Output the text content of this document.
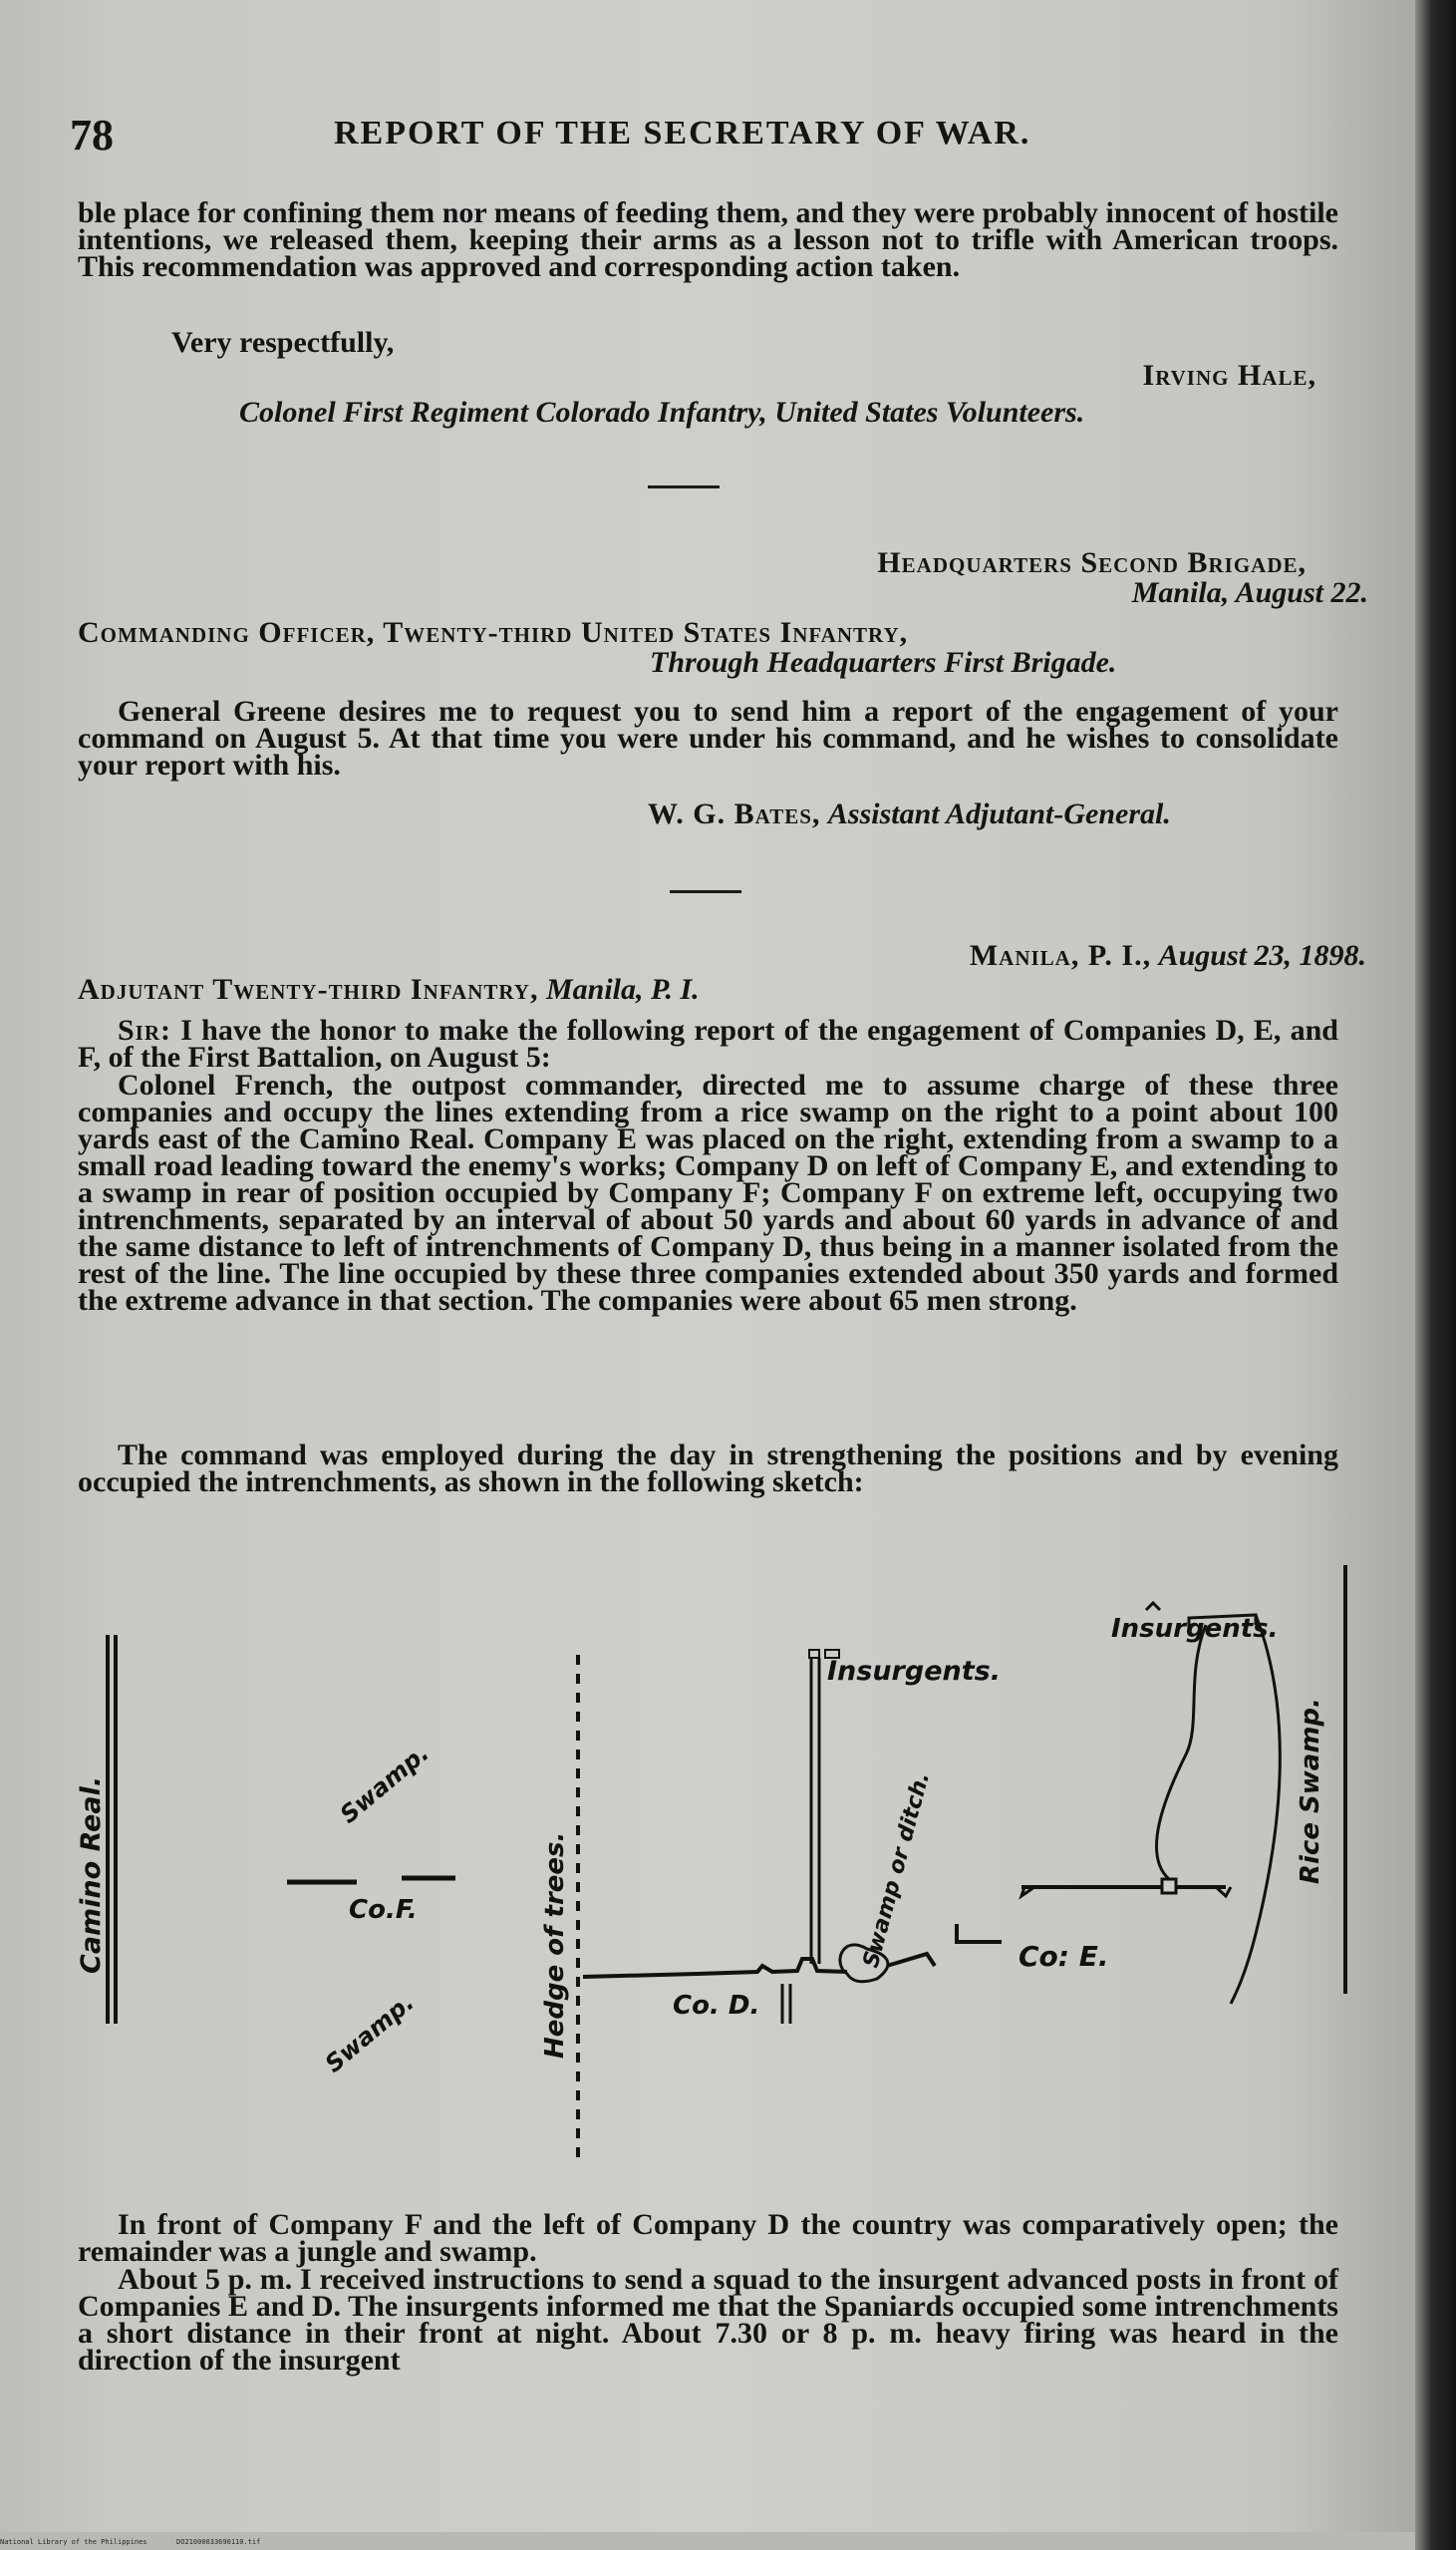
78	REPORT OF THE SECRETARY OF WAR.
ble place for confining them nor means of feeding them, and they were probably innocent of hostile intentions, we released them, keeping their arms as a lesson not to trifle with American troops. This recommendation was approved and corresponding action taken.
Very respectfully,
Irving Hale,
Colonel First Regiment Colorado Infantry, United States Volunteers.
Headquarters Second Brigade,
Manila, August 22.
Commanding Officer, Twenty-third United States Infantry,
Through Headquarters First Brigade.
General Greene desires me to request you to send him a report of the engagement of your command on August 5. At that time you were under his command, and he wishes to consolidate your report with his.
W. G. Bates, Assistant Adjutant-General.
Manila, P. I., August 23, 1898.
Adjutant Twenty-third Infantry, Manila, P. I.
Sir: I have the honor to make the following report of the engagement of Companies D, E, and F, of the First Battalion, on August 5:
Colonel French, the outpost commander, directed me to assume charge of these three companies and occupy the lines extending from a rice swamp on the right to a point about 100 yards east of the Camino Real. Company E was placed on the right, extending from a swamp to a small road leading toward the enemy's works; Company D on left of Company E, and extending to a swamp in rear of position occupied by Company F; Company F on extreme left, occupying two intrenchments, separated by an interval of about 50 yards and about 60 yards in advance of and the same distance to left of intrenchments of Company D, thus being in a manner isolated from the rest of the line. The line occupied by these three companies extended about 350 yards and formed the extreme advance in that section. The companies were about 65 men strong.
The command was employed during the day in strengthening the positions and by evening occupied the intrenchments, as shown in the following sketch:
Camino Real.	Swamp.
Swamp.
Co.F.	Hedge of trees.	Co. D.
Insurgents.
Swamp or ditch.	Co: E.
Insurgents.
Rice Swamp.
In front of Company F and the left of Company D the country was comparatively open; the remainder was a jungle and swamp.
About 5 p. m. I received instructions to send a squad to the insurgent advanced posts in front of Companies E and D. The insurgents informed me that the Spaniards occupied some intrenchments a short distance in their front at night. About 7.30 or 8 p. m. heavy firing was heard in the direction of the insurgent
National Library of the Philippines	DO21000033690110.tif
